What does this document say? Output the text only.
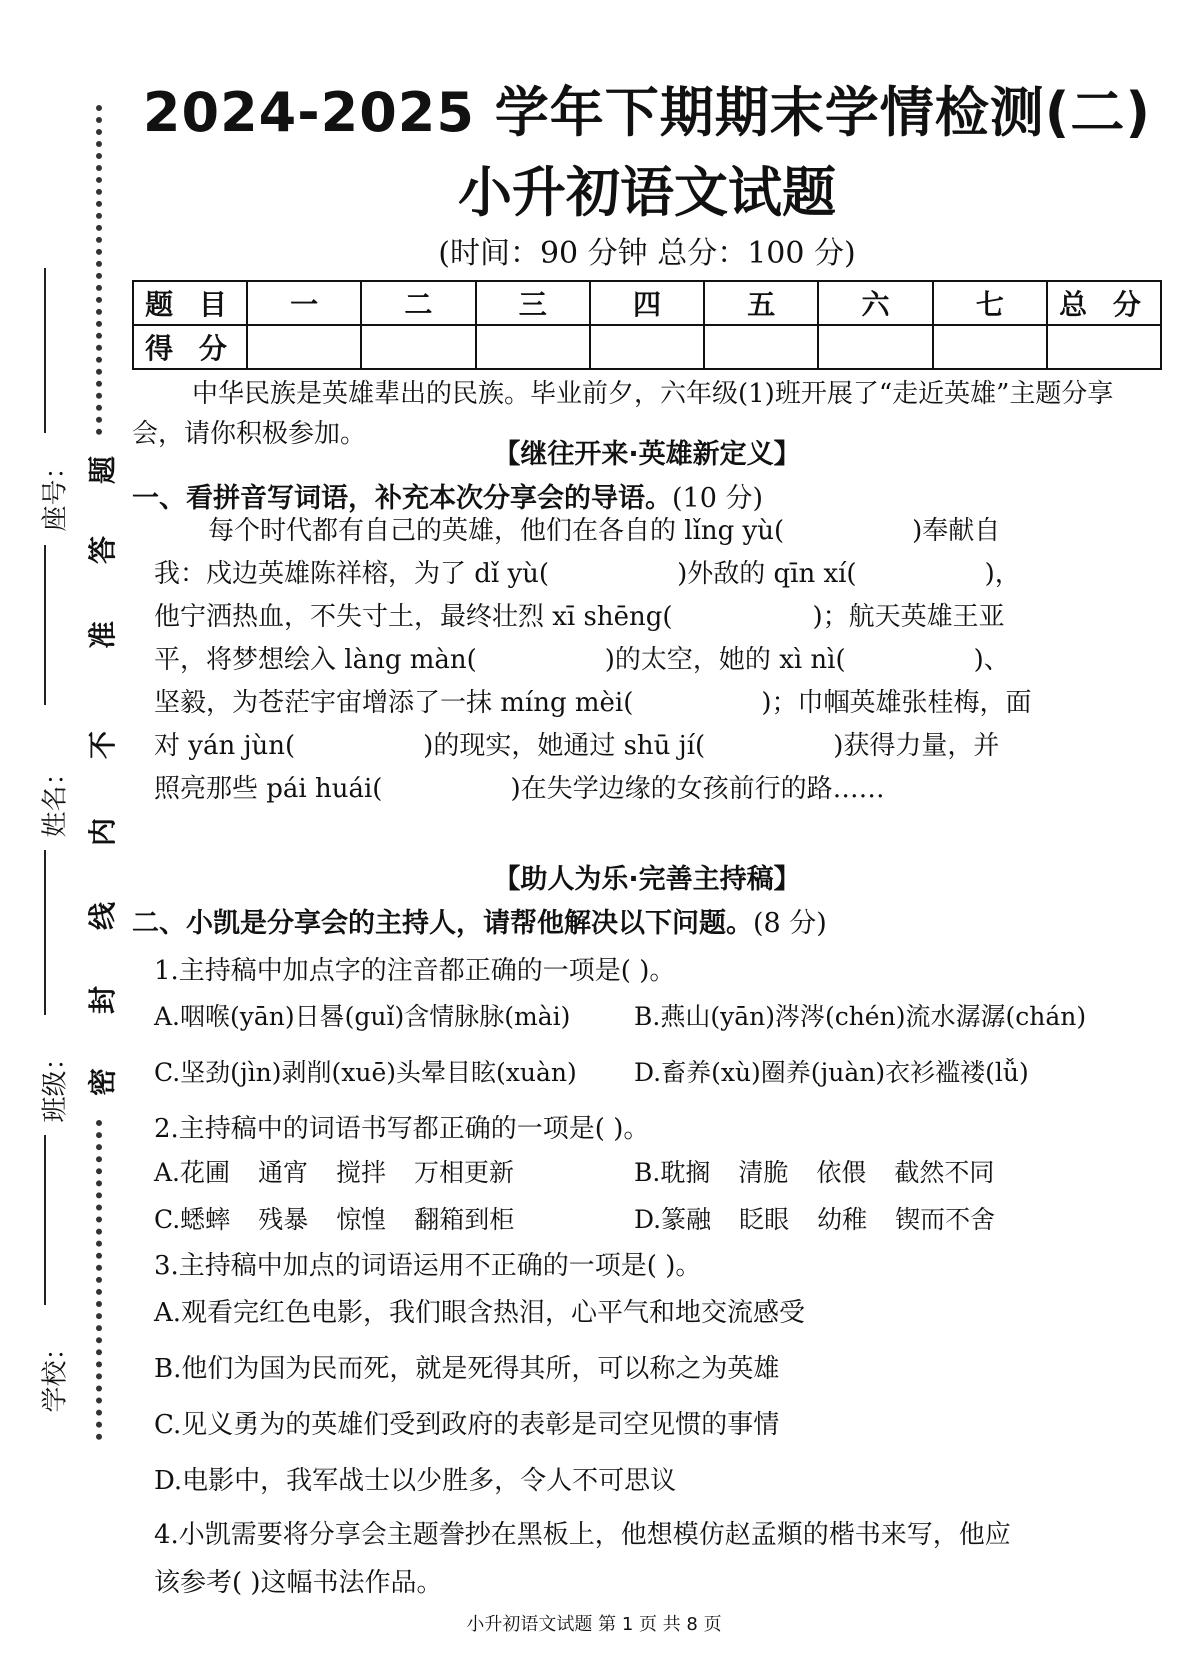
座号：
姓名：
班级：
学校：
题
答
准
不
内
线
封
密
2024-2025 学年下期期末学情检测(二)
小升初语文试题
(时间：90 分钟 总分：100 分)
题 目	一	二	三	四	五	六	七	总 分
得 分								
中华民族是英雄辈出的民族。毕业前夕，六年级(1)班开展了“走近英雄”主题分享会，请你积极参加。
【继往开来·英雄新定义】
一、看拼音写词语，补充本次分享会的导语。(10 分)
每个时代都有自己的英雄，他们在各自的 lǐng yù(	)奉献自
我：戍边英雄陈祥榕，为了 dǐ yù(	)外敌的 qīn xí(	)，
他宁洒热血，不失寸土，最终壮烈 xī shēng(	)；航天英雄王亚
平，将梦想绘入 làng màn(	)的太空，她的 xì nì(	)、
坚毅，为苍茫宇宙增添了一抹 míng mèi(	)；巾帼英雄张桂梅，面
对 yán jùn(	)的现实，她通过 shū jí(	)获得力量，并
照亮那些 pái huái(	)在失学边缘的女孩前行的路……
【助人为乐·完善主持稿】
二、小凯是分享会的主持人，请帮他解决以下问题。(8 分)
1.主持稿中加点字的注音都正确的一项是( )。
A.咽喉(yān)日晷(guǐ)含情脉脉(mài)	B.燕山(yān)涔涔(chén)流水潺潺(chán)
C.坚劲(jìn)剥削(xuē)头晕目眩(xuàn) D.畜养(xù)圈养(juàn)衣衫褴褛(lǚ)
2.主持稿中的词语书写都正确的一项是( )。
A.花圃 通宵 搅拌 万相更新	B.耽搁 清脆 依偎 截然不同
C.蟋蟀 残暴 惊惶 翻箱到柜	D.篆融 眨眼 幼稚 锲而不舍
3.主持稿中加点的词语运用不正确的一项是( )。
A.观看完红色电影，我们眼含热泪，心平气和地交流感受
B.他们为国为民而死，就是死得其所，可以称之为英雄
C.见义勇为的英雄们受到政府的表彰是司空见惯的事情
D.电影中，我军战士以少胜多，令人不可思议
4.小凯需要将分享会主题誊抄在黑板上，他想模仿赵孟頫的楷书来写，他应
该参考( )这幅书法作品。
小升初语文试题 第 1 页 共 8 页
